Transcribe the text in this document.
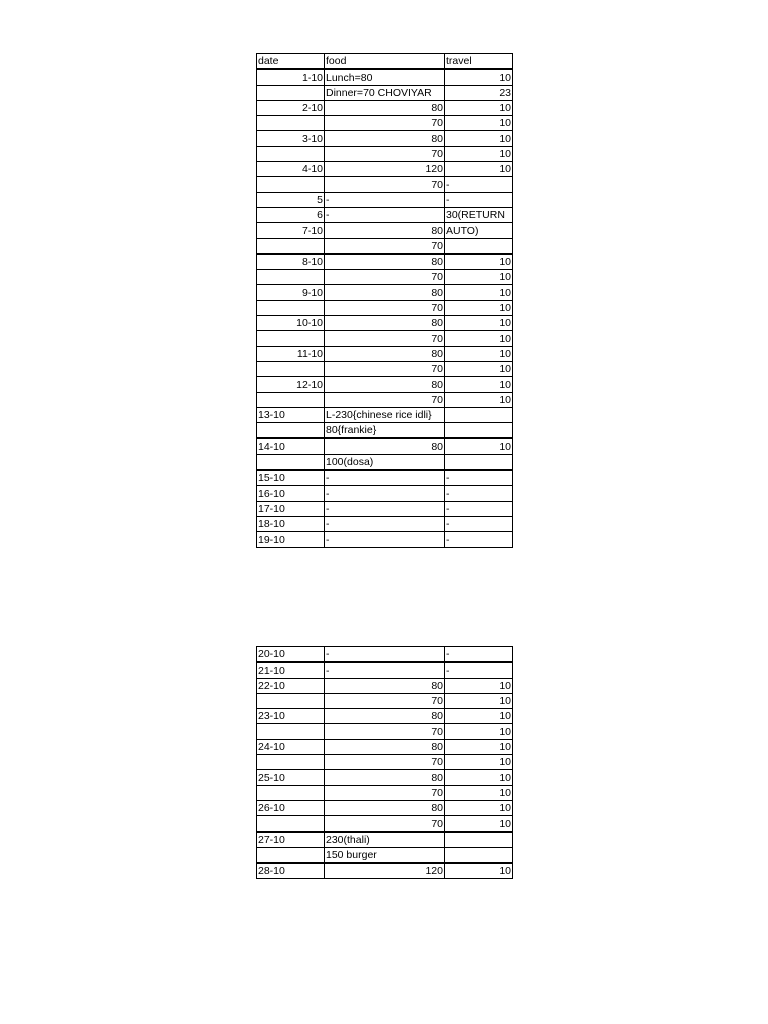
date	food	travel
1-10	Lunch=80	10
	Dinner=70 CHOVIYAR	23
2-10	80	10
	70	10
3-10	80	10
	70	10
4-10	120	10
	70	-
5	-	-
6	-	30(RETURN
7-10	80	AUTO)
	70	
8-10	80	10
	70	10
9-10	80	10
	70	10
10-10	80	10
	70	10
11-10	80	10
	70	10
12-10	80	10
	70	10
13-10	L-230{chinese rice idli}	
	80{frankie}	
14-10	80	10
	100(dosa)	
15-10	-	-
16-10	-	-
17-10	-	-
18-10	-	-
19-10	-	-
20-10	-	-
21-10	-	-
22-10	80	10
	70	10
23-10	80	10
	70	10
24-10	80	10
	70	10
25-10	80	10
	70	10
26-10	80	10
	70	10
27-10	230(thali)	
	150 burger	
28-10	120	10
